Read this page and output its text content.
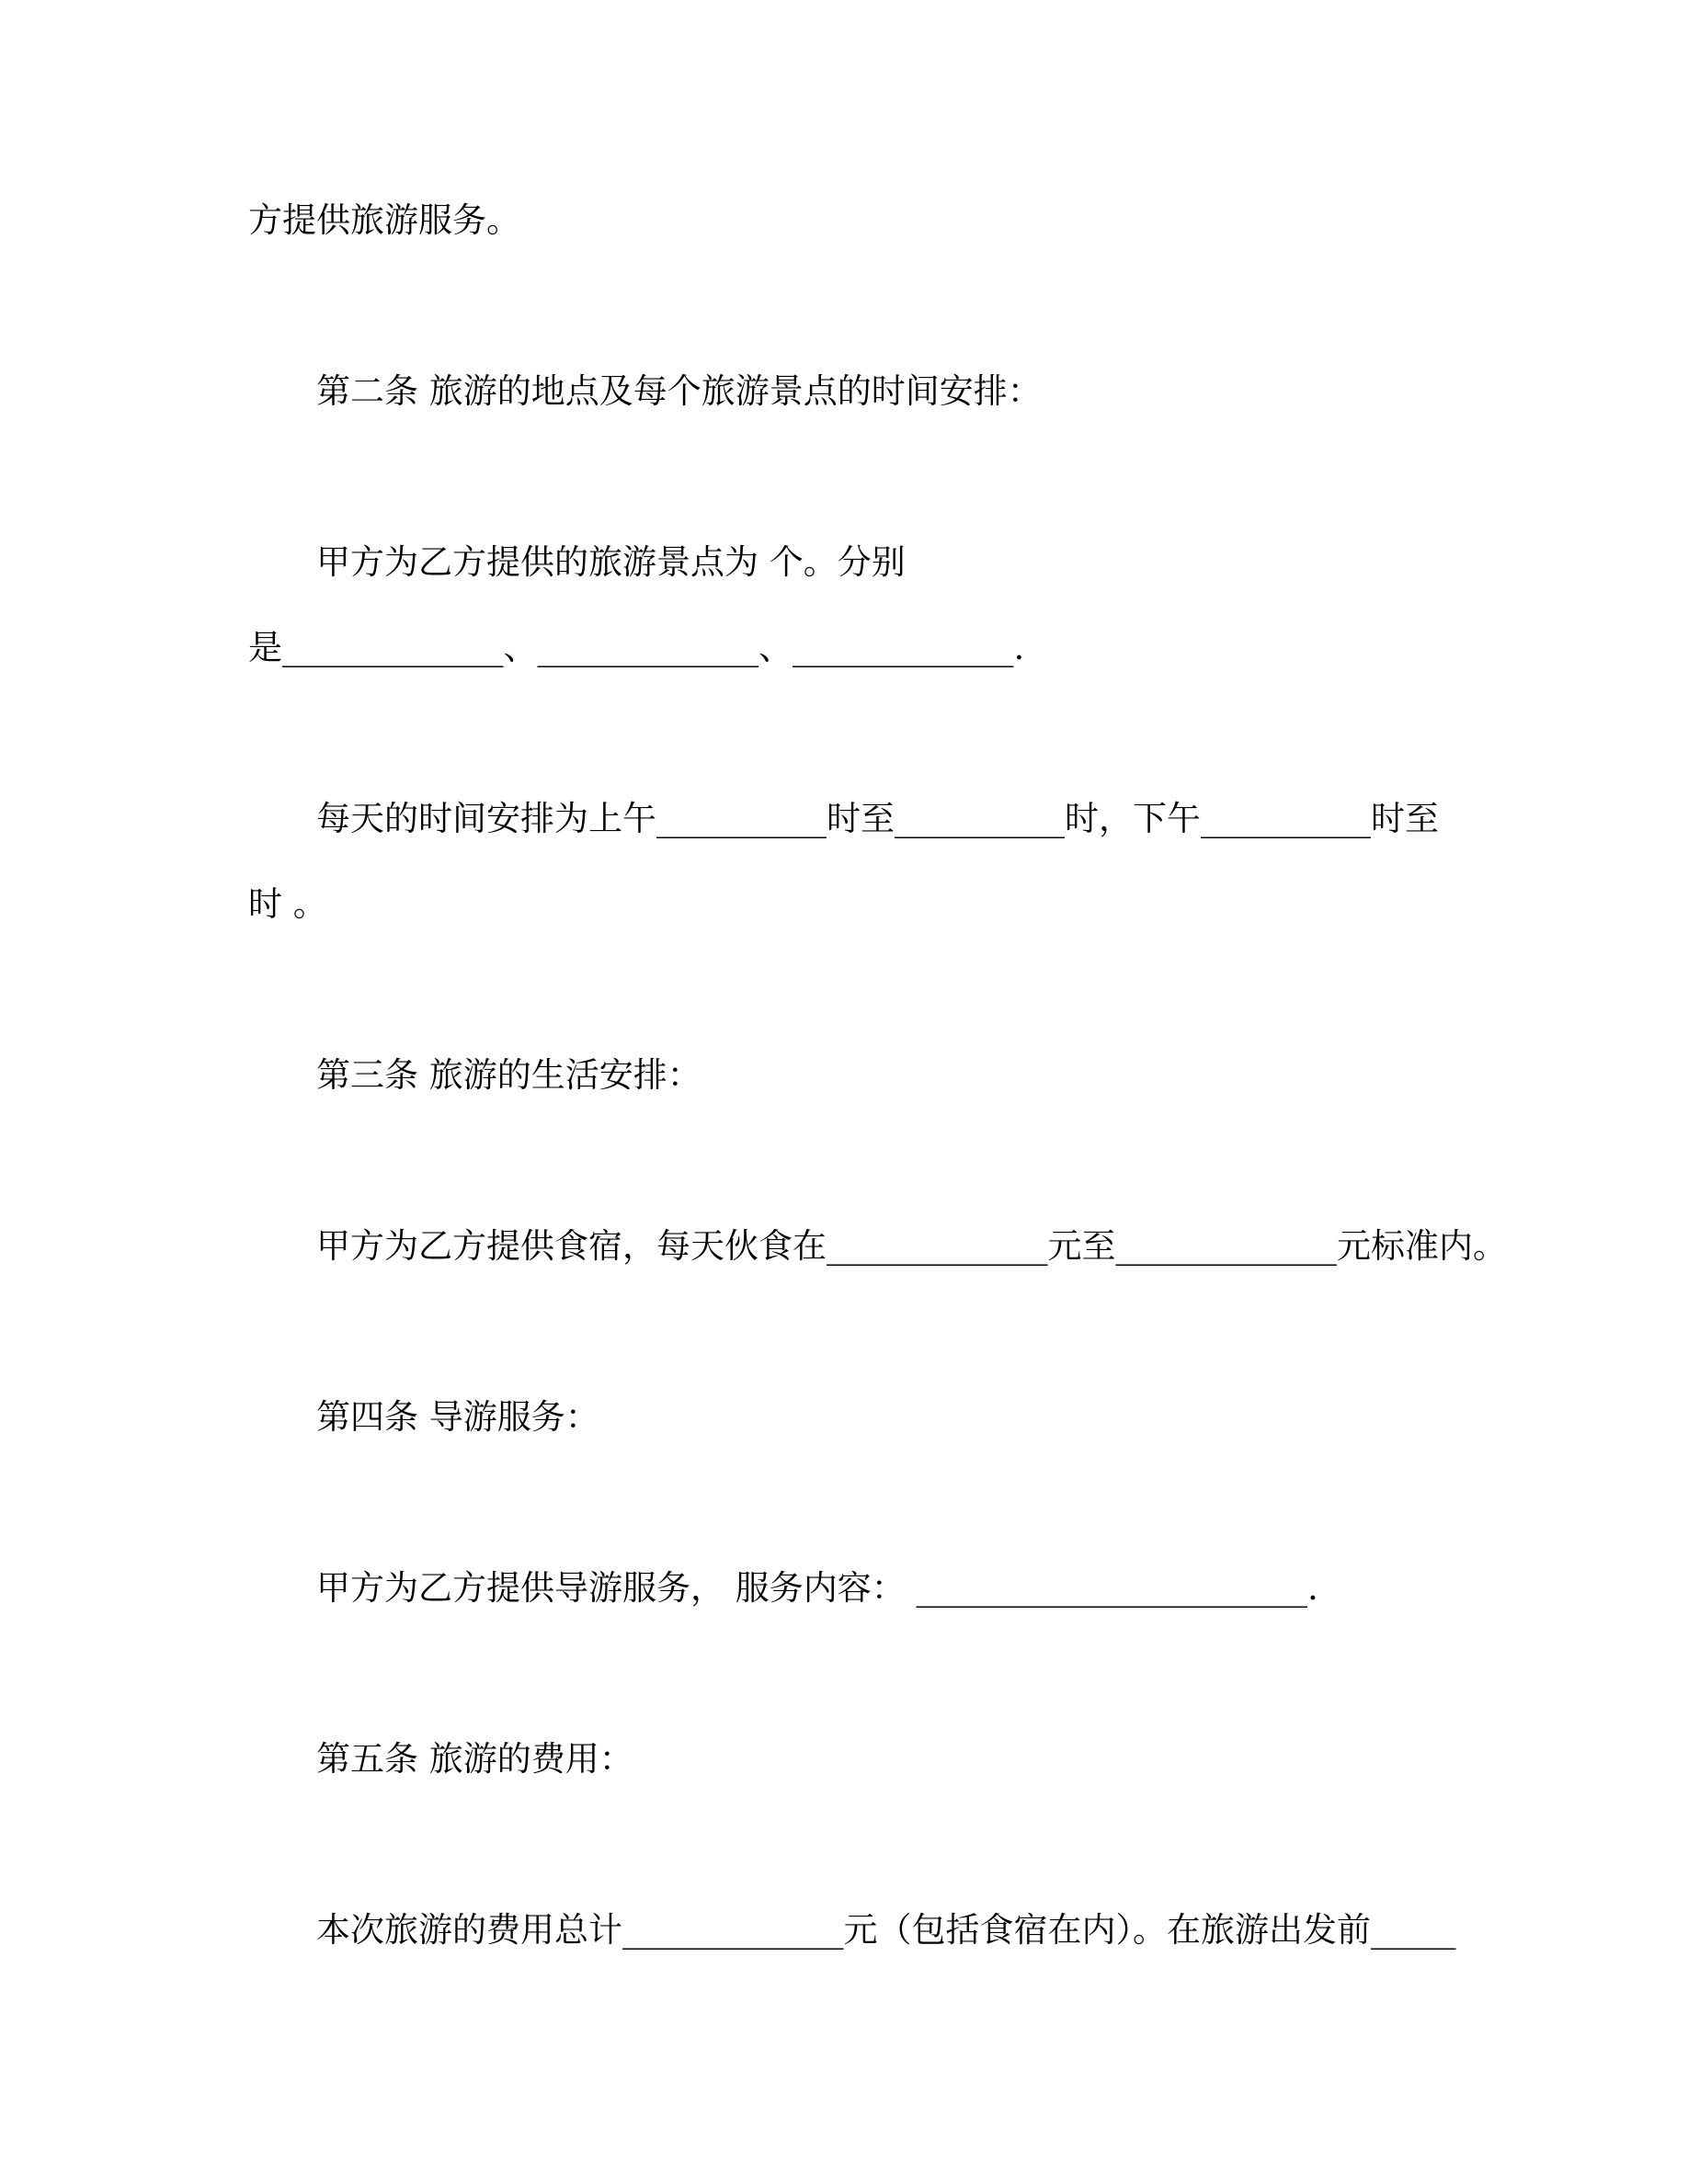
方提供旅游服务。
第二条 旅游的地点及每个旅游景点的时间安排：
甲方为乙方提供的旅游景点为 个。分别
是_____________、_____________、_____________.
每天的时间安排为上午__________时至__________时，下午__________时至
时 。
第三条 旅游的生活安排：
甲方为乙方提供食宿，每天伙食在_____________元至_____________元标准内。
第四条 导游服务：
甲方为乙方提供导游服务， 服务内容： _______________________.
第五条 旅游的费用：
本次旅游的费用总计_____________元（包括食宿在内）。在旅游出发前_____
